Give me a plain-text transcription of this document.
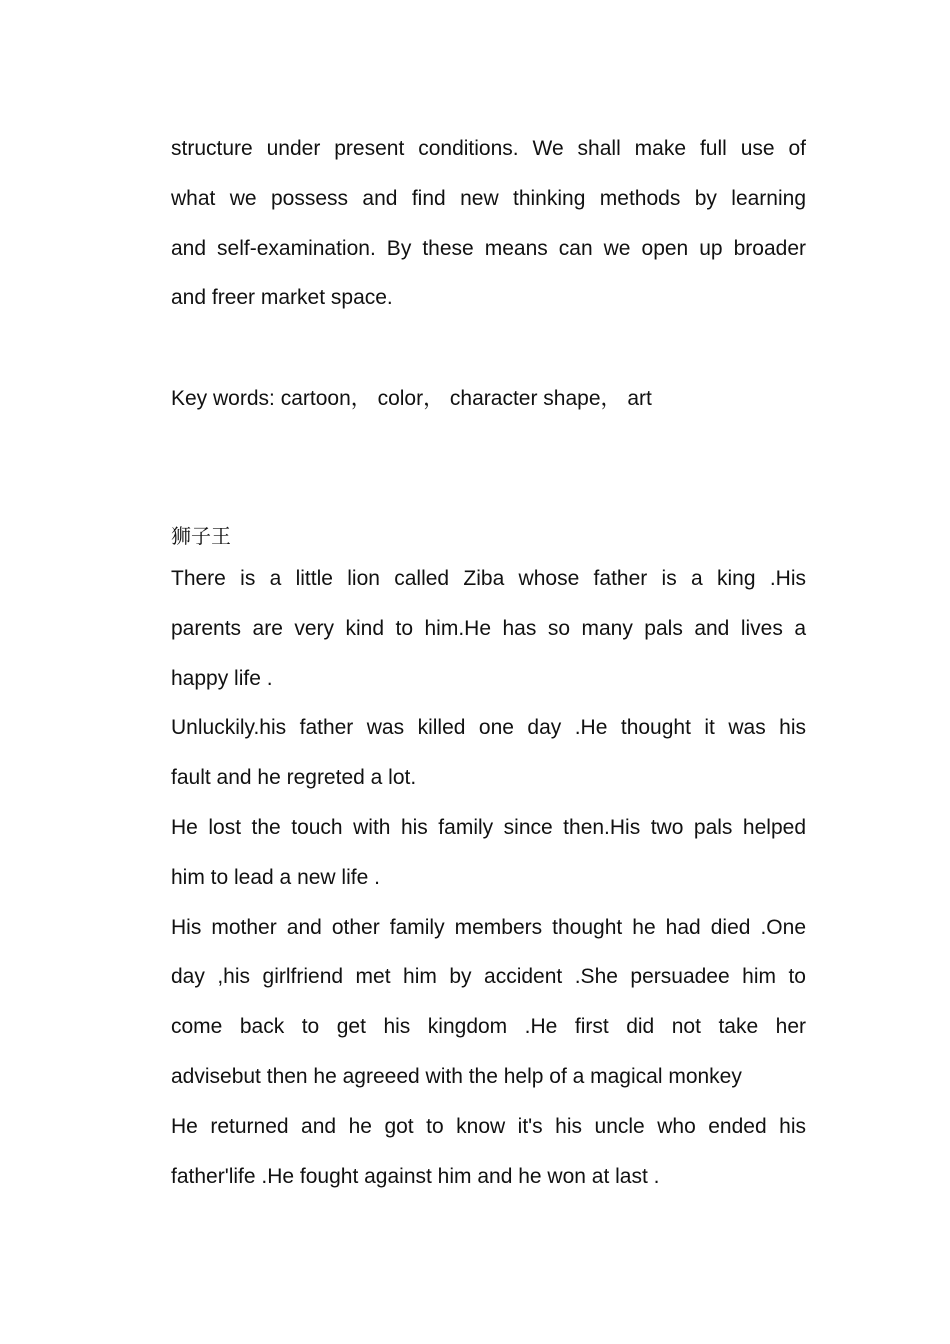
structure under present conditions. We shall make full use of
what we possess and find new thinking methods by learning
and self-examination. By these means can we open up broader
and freer market space.

Key words: cartoon， color， character shape， art

狮子王

There is a little lion called Ziba whose father is a king .His
parents are very kind to him.He has so many pals and lives a
happy life .

Unluckily.his father was killed one day .He thought it was his
fault and he regreted a lot.

He lost the touch with his family since then.His two pals helped
him to lead a new life .

His mother and other family members thought he had died .One
day ,his girlfriend met him by accident .She persuadee him to
come back to get his kingdom .He first did not take her
advisebut then he agreeed with the help of a magical monkey

He returned and he got to know it's his uncle who ended his
father'life .He fought against him and he won at last .
